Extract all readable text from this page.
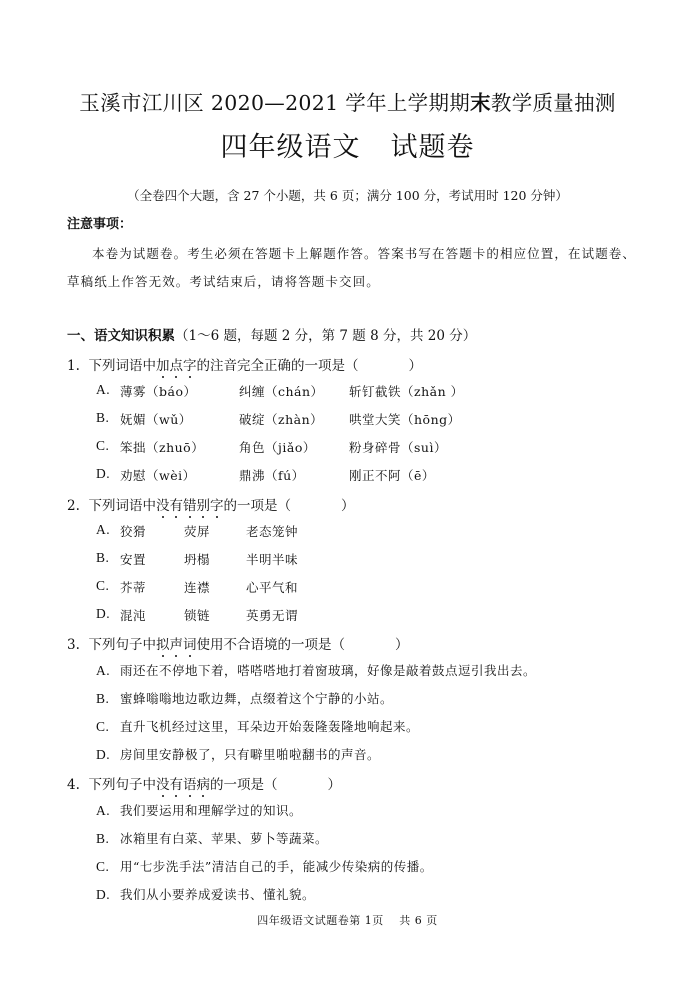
玉溪市江川区 2020—2021 学年上学期期末教学质量抽测
四年级语文 试题卷
（全卷四个大题，含 27 个小题，共 6 页；满分 100 分，考试用时 120 分钟）
注意事项：
本卷为试题卷。考生必须在答题卡上解题作答。答案书写在答题卡的相应位置，在试题卷、草稿纸上作答无效。考试结束后，请将答题卡交回。
一、语文知识积累（1～6 题，每题 2 分，第 7 题 8 分，共 20 分）
1. 下列词语中加点字的注音完全正确的一项是（	）
A. 薄雾（báo）	纠缠（chán） 斩钉截铁（zhǎn ）
B. 妩媚（wǔ）	破绽（zhàn） 哄堂大笑（hōng）
C. 笨拙（zhuō）	角色（jiǎo）	粉身碎骨（suì）
D. 劝慰（wèi）	鼎沸（fú）	刚正不阿（ē）
2. 下列词语中没有错别字的一项是（	）
A. 狡猾	荧屏	老态笼钟
B. 安置	坍榻	半明半味
C. 芥蒂	连襟	心平气和
D. 混沌	锁链	英勇无谓
3. 下列句子中拟声词使用不合语境的一项是（	）
A. 雨还在不停地下着，嗒嗒嗒地打着窗玻璃，好像是敲着鼓点逗引我出去。
B. 蜜蜂嗡嗡地边歌边舞，点缀着这个宁静的小站。
C. 直升飞机经过这里，耳朵边开始轰隆轰隆地响起来。
D. 房间里安静极了，只有噼里啪啦翻书的声音。
4. 下列句子中没有语病的一项是（	）
A. 我们要运用和理解学过的知识。
B. 冰箱里有白菜、苹果、萝卜等蔬菜。
C. 用“七步洗手法”清洁自己的手，能减少传染病的传播。
D. 我们从小要养成爱读书、懂礼貌。
四年级语文试题卷第 1页　 共 6 页
